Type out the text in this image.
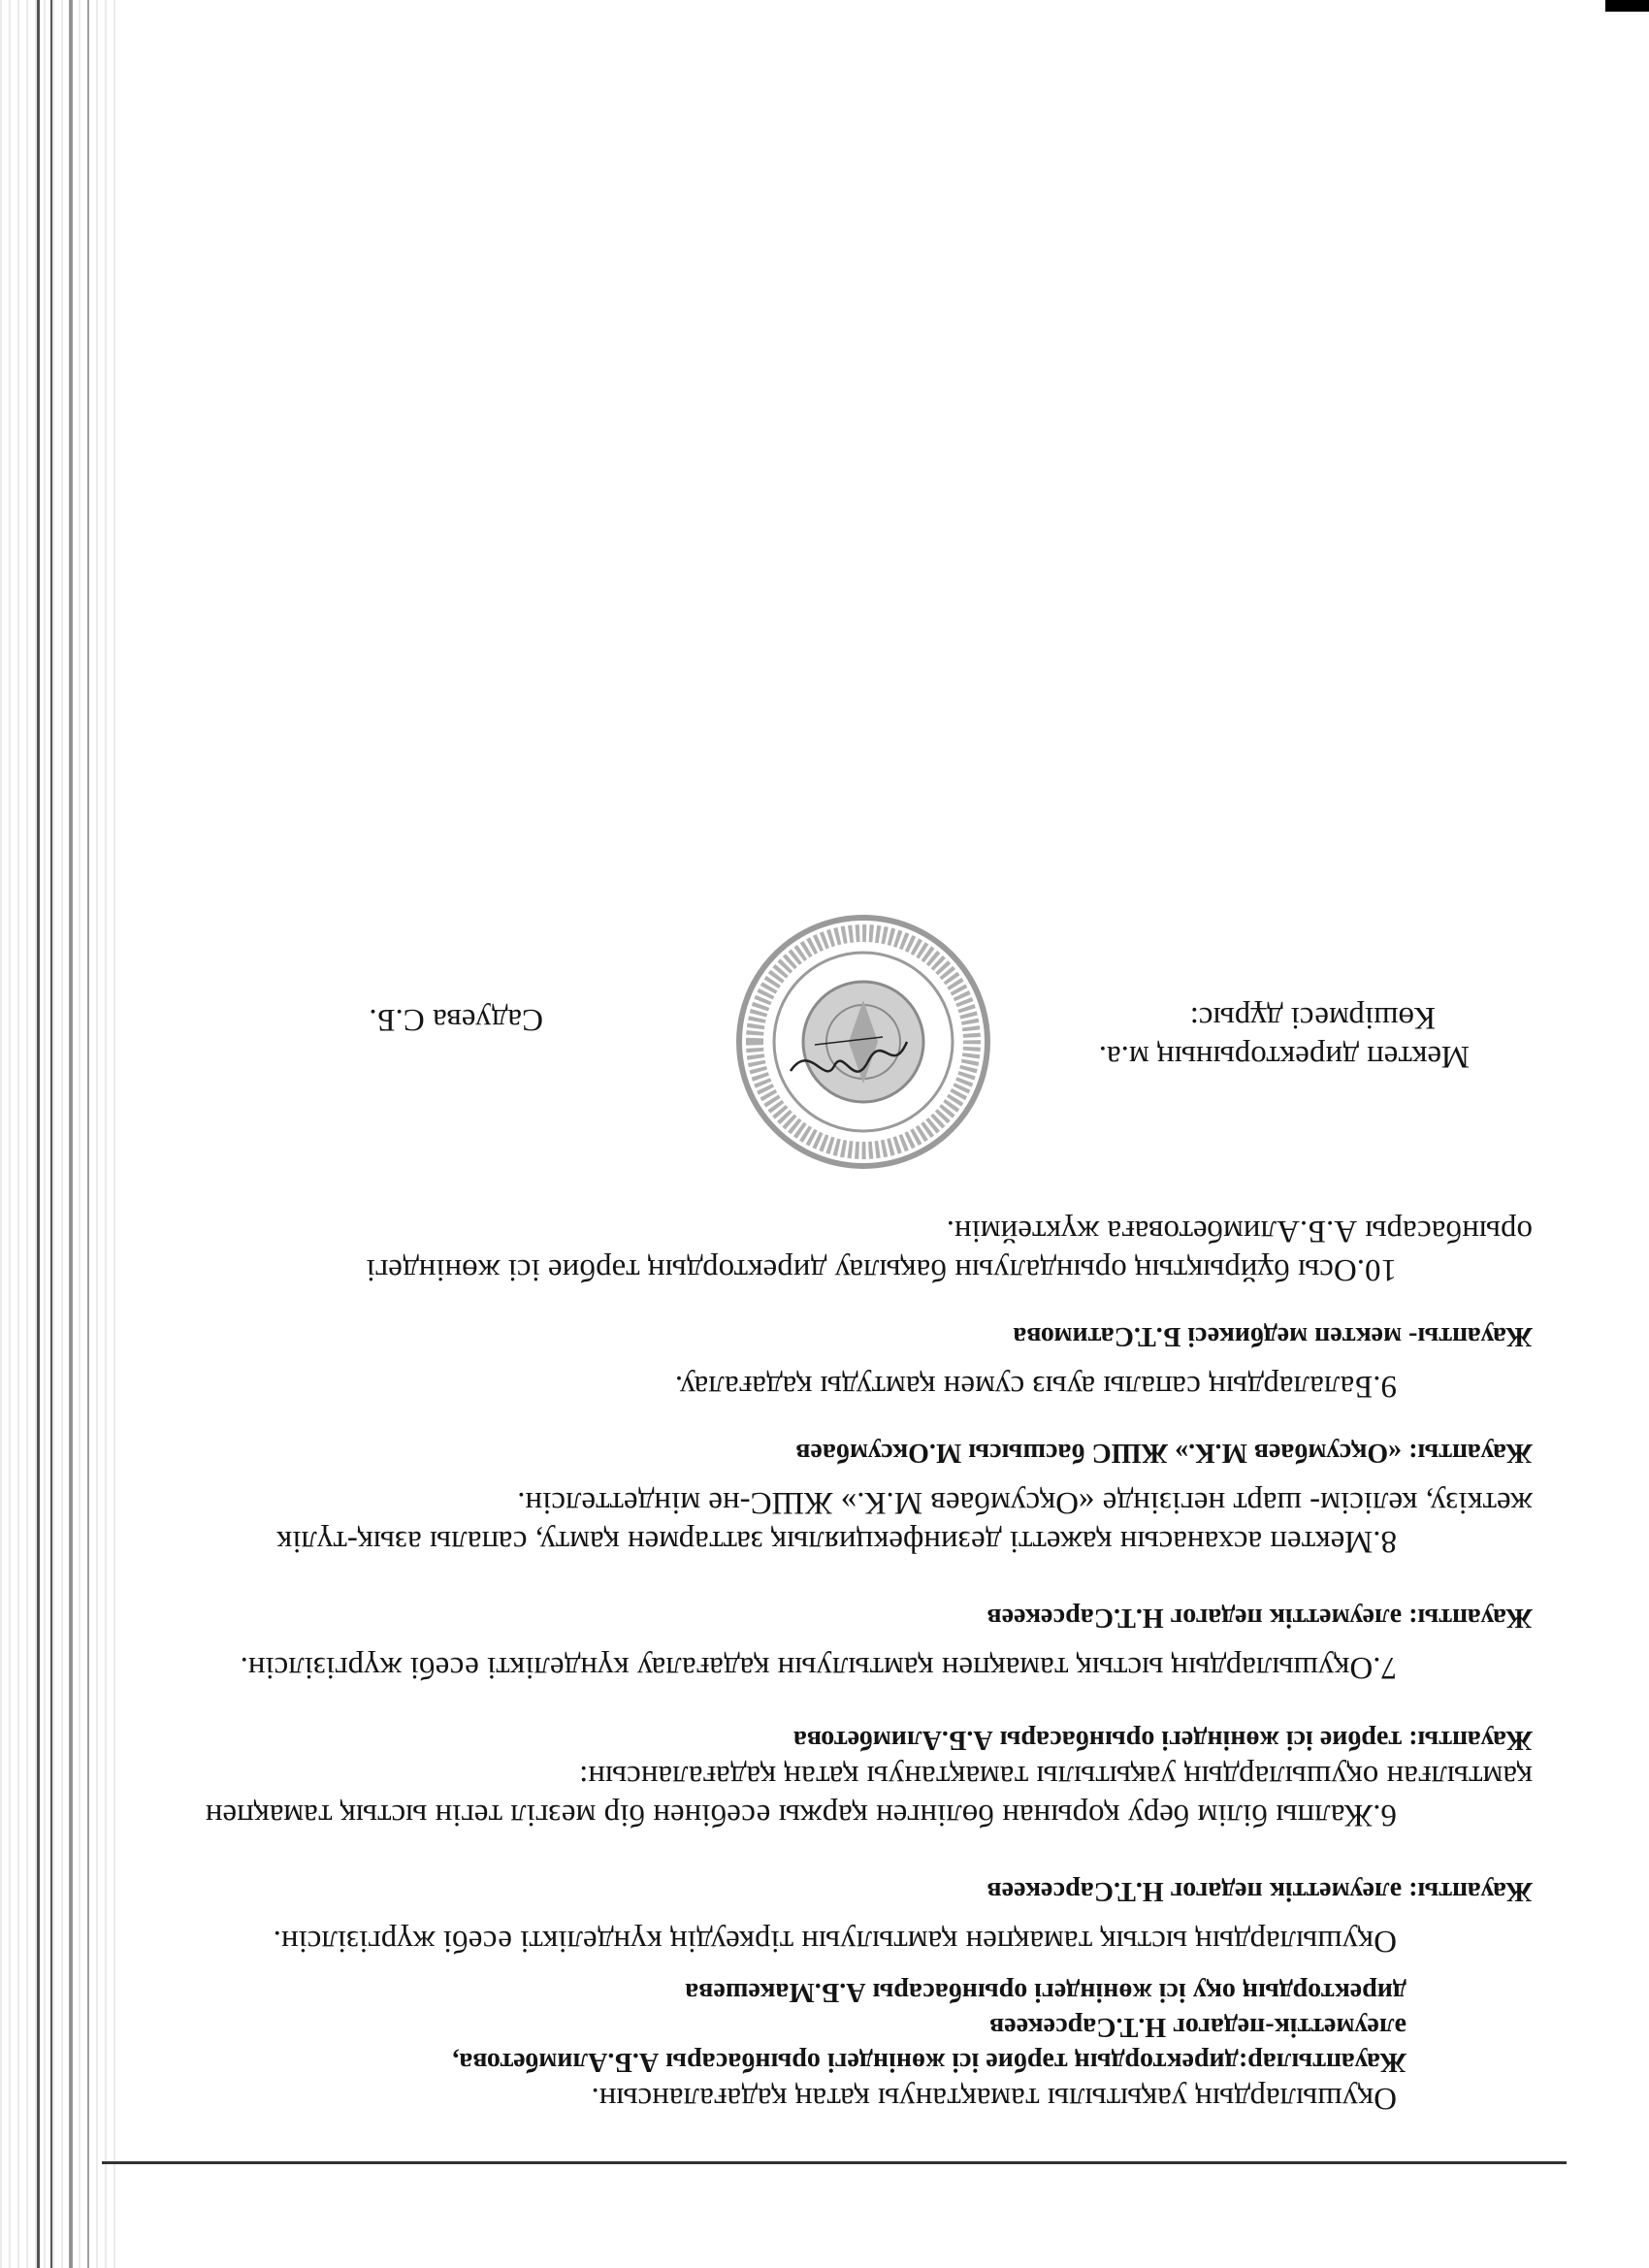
Оқушылардың уақытылы тамақтануы қатаң қадағалансын.

Жауаптылар:директордың тәрбие ісі жөніндегі орынбасары А.Б.Алимбетова,

әлеуметтік-педагог Н.Т.Сарсекеев

директордың оқу ісі жөніндегі орынбасары А.Б.Макешева

Оқушылардың ыстық тамақпен қамтылуын тіркеудің күнделікті есебі жүргізілсін.

Жауапты: әлеуметтік педагог Н.Т.Сарсекеев

6.Жалпы білім беру қорынан бөлінген қаржы есебінен бір мезгіл тегін ыстық тамақпен қамтылған оқушылардың уақытылы тамақтануы қатаң қадағалансын:

Жауапты: тәрбие ісі жөніндегі орынбасары А.Б.Алимбетова

7.Оқушылардың ыстық тамақпен қамтылуын қадағалау күнделікті есебі жүргізілсін.

Жауапты: әлеуметтік педагог Н.Т.Сарсекеев

8.Мектеп асханасын қажетті дезинфекциялық заттармен қамту, сапалы азық-түлік жеткізу, келісім- шарт негізінде «Оқсумбаев М.К.» ЖШС-не міндеттелсін.

Жауапты: «Оқсумбаев М.К.» ЖШС басшысы М.Оксумбаев

9.Балалардың сапалы ауыз сумен қамтуды қадағалау.

Жауапты- мектеп медбикесі Б.Т.Сатимова

10.Осы бұйрықтың орындалуын бақылау директордың тәрбие ісі жөніндегі орынбасары А.Б.Алимбетоваға жүктеймін.

Мектеп директорының м.а.
Көшірмесі дұрыс:
Садуева С.Б.
